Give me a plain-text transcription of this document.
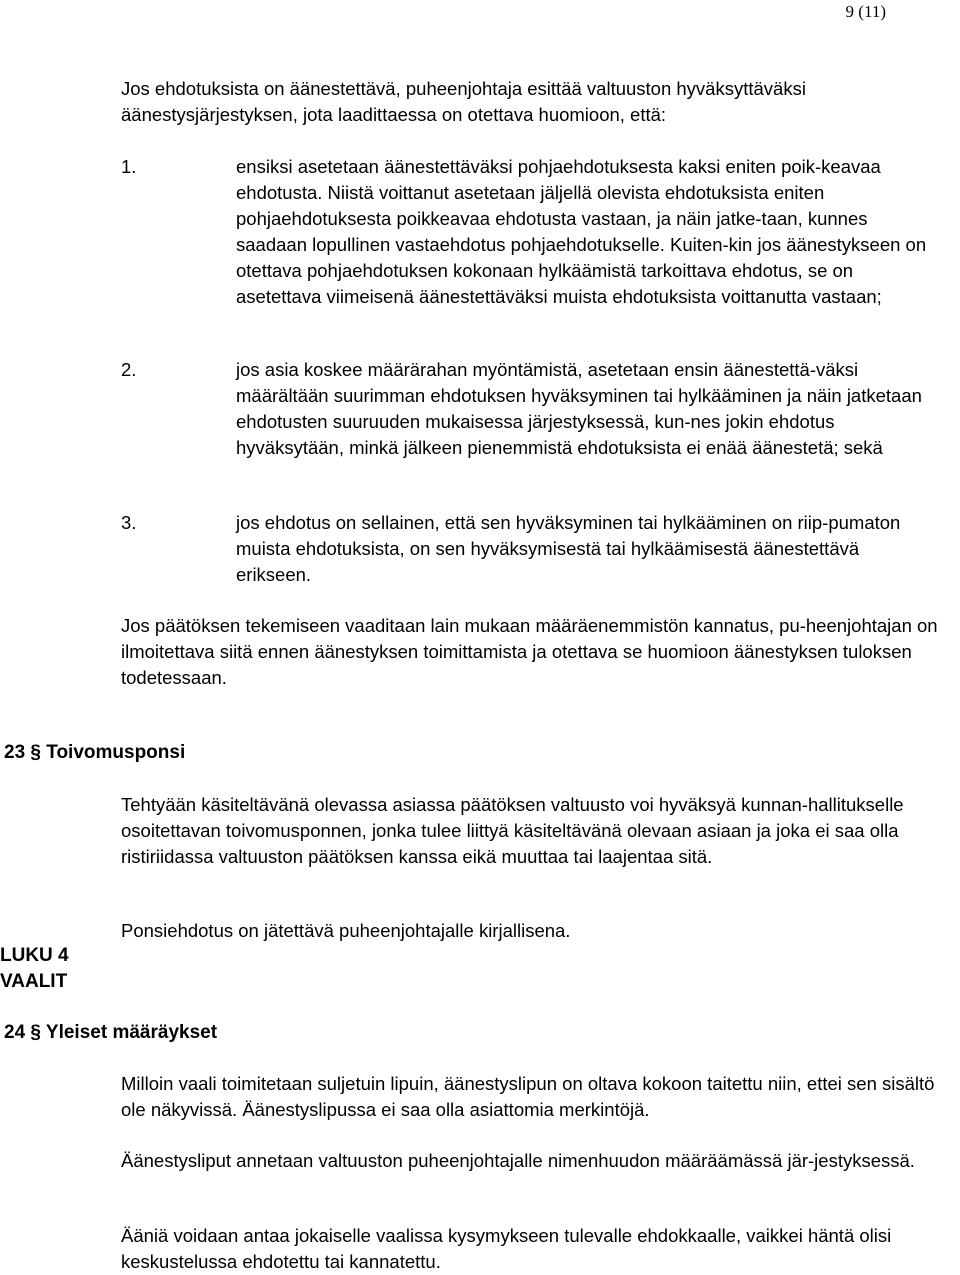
9 (11)
Jos ehdotuksista on äänestettävä, puheenjohtaja esittää valtuuston hyväksyttäväksi äänestysjärjestyksen, jota laadittaessa on otettava huomioon, että:
1.	ensiksi asetetaan äänestettäväksi pohjaehdotuksesta kaksi eniten poik-keavaa ehdotusta. Niistä voittanut asetetaan jäljellä olevista ehdotuksista eniten pohjaehdotuksesta poikkeavaa ehdotusta vastaan, ja näin jatke-taan, kunnes saadaan lopullinen vastaehdotus pohjaehdotukselle. Kuiten-kin jos äänestykseen on otettava pohjaehdotuksen kokonaan hylkäämistä tarkoittava ehdotus, se on asetettava viimeisenä äänestettäväksi muista ehdotuksista voittanutta vastaan;
2.	jos asia koskee määrärahan myöntämistä, asetetaan ensin äänestettä-väksi määrältään suurimman ehdotuksen hyväksyminen tai hylkääminen ja näin jatketaan ehdotusten suuruuden mukaisessa järjestyksessä, kun-nes jokin ehdotus hyväksytään, minkä jälkeen pienemmistä ehdotuksista ei enää äänestetä; sekä
3.	jos ehdotus on sellainen, että sen hyväksyminen tai hylkääminen on riip-pumaton muista ehdotuksista, on sen hyväksymisestä tai hylkäämisestä äänestettävä erikseen.
Jos päätöksen tekemiseen vaaditaan lain mukaan määräenemmistön kannatus, pu-heenjohtajan on ilmoitettava siitä ennen äänestyksen toimittamista ja otettava se huomioon äänestyksen tuloksen todetessaan.
23 § Toivomusponsi
Tehtyään käsiteltävänä olevassa asiassa päätöksen valtuusto voi hyväksyä kunnan-hallitukselle osoitettavan toivomusponnen, jonka tulee liittyä käsiteltävänä olevaan asiaan ja joka ei saa olla ristiriidassa valtuuston päätöksen kanssa eikä muuttaa tai laajentaa sitä.
Ponsiehdotus on jätettävä puheenjohtajalle kirjallisena.
LUKU 4
VAALIT
24 § Yleiset määräykset
Milloin vaali toimitetaan suljetuin lipuin, äänestyslipun on oltava kokoon taitettu niin, ettei sen sisältö ole näkyvissä. Äänestyslipussa ei saa olla asiattomia merkintöjä.
Äänestysliput annetaan valtuuston puheenjohtajalle nimenhuudon määräämässä jär-jestyksessä.
Ääniä voidaan antaa jokaiselle vaalissa kysymykseen tulevalle ehdokkaalle, vaikkei häntä olisi keskustelussa ehdotettu tai kannatettu.
